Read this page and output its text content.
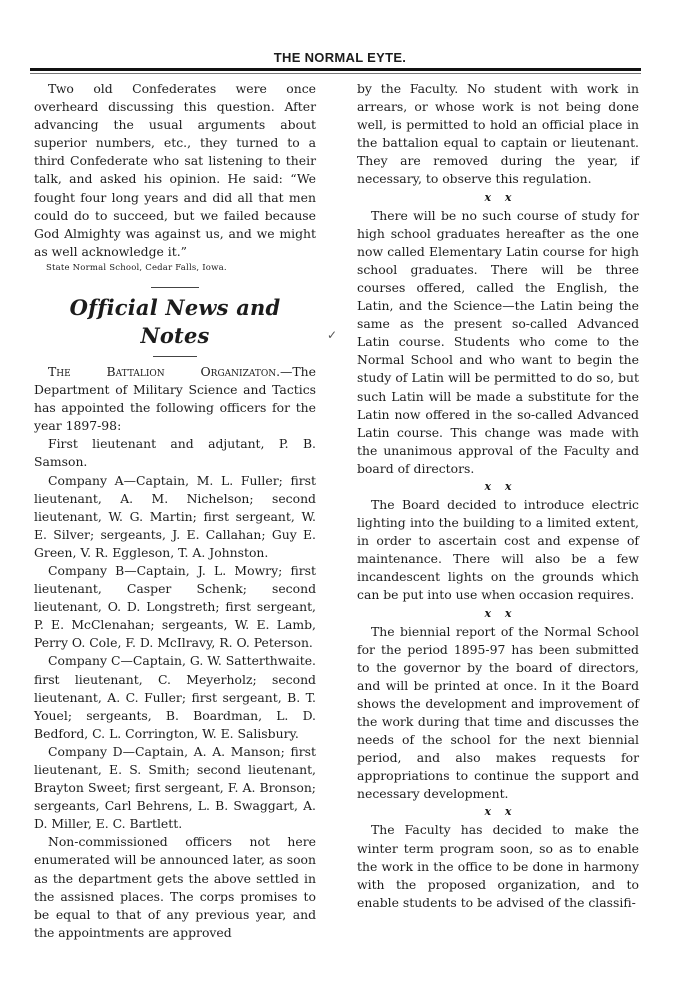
THE NORMAL EYTE.

Two old Confederates were once overheard discussing this question. After advancing the usual arguments about superior numbers, etc., they turned to a third Confederate who sat listening to their talk, and asked his opinion. He said: “We fought four long years and did all that men could do to succeed, but we failed because God Almighty was against us, and we might as well acknowledge it.”

State Normal School, Cedar Falls, Iowa.

Official News and Notes

The Battalion Organizaton.—The Department of Military Science and Tactics has appointed the following officers for the year 1897-98:

First lieutenant and adjutant, P. B. Samson.

Company A—Captain, M. L. Fuller; first lieutenant, A. M. Nichelson; second lieutenant, W. G. Martin; first sergeant, W. E. Silver; sergeants, J. E. Callahan; Guy E. Green, V. R. Eggleson, T. A. Johnston.

Company B—Captain, J. L. Mowry; first lieutenant, Casper Schenk; second lieutenant, O. D. Longstreth; first sergeant, P. E. McClenahan; sergeants, W. E. Lamb, Perry O. Cole, F. D. McIlravy, R. O. Peterson.

Company C—Captain, G. W. Satterthwaite. first lieutenant, C. Meyerholz; second lieutenant, A. C. Fuller; first sergeant, B. T. Youel; sergeants, B. Boardman, L. D. Bedford, C. L. Corrington, W. E. Salisbury.

Company D—Captain, A. A. Manson; first lieutenant, E. S. Smith; second lieutenant, Brayton Sweet; first sergeant, F. A. Bronson; sergeants, Carl Behrens, L. B. Swaggart, A. D. Miller, E. C. Bartlett.

Non-commissioned officers not here enumerated will be announced later, as soon as the department gets the above settled in the assisned places. The corps promises to be equal to that of any previous year, and the appointments are approved

✓

by the Faculty. No student with work in arrears, or whose work is not being done well, is permitted to hold an official place in the battalion equal to captain or lieutenant. They are removed during the year, if necessary, to observe this regulation.

x x

There will be no such course of study for high school graduates hereafter as the one now called Elementary Latin course for high school graduates. There will be three courses offered, called the English, the Latin, and the Science—the Latin being the same as the present so-called Advanced Latin course. Students who come to the Normal School and who want to begin the study of Latin will be permitted to do so, but such Latin will be made a substitute for the Latin now offered in the so-called Advanced Latin course. This change was made with the unanimous approval of the Faculty and board of directors.

x x

The Board decided to introduce electric lighting into the building to a limited extent, in order to ascertain cost and expense of maintenance. There will also be a few incandescent lights on the grounds which can be put into use when occasion requires.

x x

The biennial report of the Normal School for the period 1895-97 has been submitted to the governor by the board of directors, and will be printed at once. In it the Board shows the development and improvement of the work during that time and discusses the needs of the school for the next biennial period, and also makes requests for appropriations to continue the support and necessary development.

x x

The Faculty has decided to make the winter term program soon, so as to enable the work in the office to be done in harmony with the proposed organization, and to enable students to be advised of the classifi-
